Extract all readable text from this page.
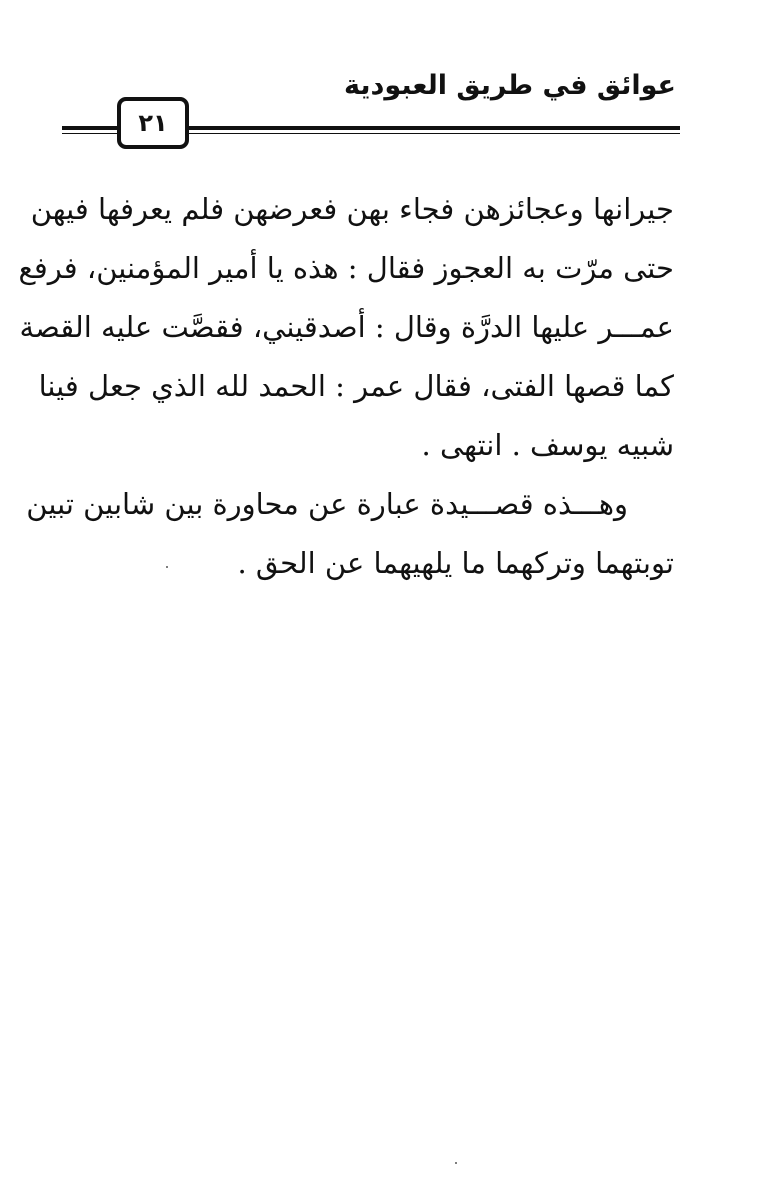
عوائق في طريق العبودية
٢١
جيرانها وعجائزهن فجاء بهن فعرضهن فلم يعرفها فيهن
حتى مرّت به العجوز فقال : هذه يا أمير المؤمنين، فرفع
عمـــر عليها الدرَّة وقال : أصدقيني، فقصَّت عليه القصة
كما قصها الفتى، فقال عمر : الحمد لله الذي جعل فينا
شبيه يوسف . انتهى .
وهـــذه قصـــيدة عبارة عن محاورة بين شابين تبين
توبتهما وتركهما ما يلهيهما عن الحق .
